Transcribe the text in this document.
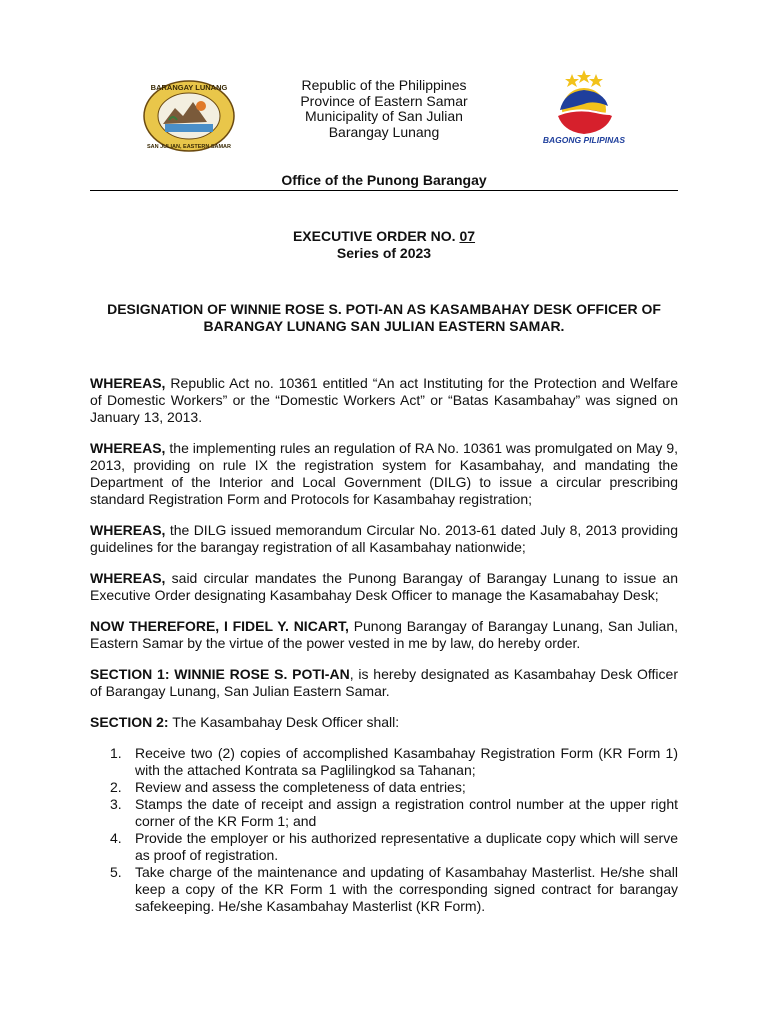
BARANGAY LUNANG
SAN JULIAN, EASTERN SAMAR
Republic of the Philippines
Province of Eastern Samar
Municipality of San Julian
Barangay Lunang
BAGONG PILIPINAS
Office of the Punong Barangay
EXECUTIVE ORDER NO. 07
Series of 2023
DESIGNATION OF WINNIE ROSE S. POTI-AN AS KASAMBAHAY DESK OFFICER OF BARANGAY LUNANG SAN JULIAN EASTERN SAMAR.

WHEREAS, Republic Act no. 10361 entitled “An act Instituting for the Protection and Welfare of Domestic Workers” or the “Domestic Workers Act” or “Batas Kasambahay” was signed on January 13, 2013.

WHEREAS, the implementing rules an regulation of RA No. 10361 was promulgated on May 9, 2013, providing on rule IX the registration system for Kasambahay, and mandating the Department of the Interior and Local Government (DILG) to issue a circular prescribing standard Registration Form and Protocols for Kasambahay registration;

WHEREAS, the DILG issued memorandum Circular No. 2013-61 dated July 8, 2013 providing guidelines for the barangay registration of all Kasambahay nationwide;

WHEREAS, said circular mandates the Punong Barangay of Barangay Lunang to issue an Executive Order designating Kasambahay Desk Officer to manage the Kasamabahay Desk;

NOW THEREFORE, I FIDEL Y. NICART, Punong Barangay of Barangay Lunang, San Julian, Eastern Samar by the virtue of the power vested in me by law, do hereby order.

SECTION 1: WINNIE ROSE S. POTI-AN, is hereby designated as Kasambahay Desk Officer of Barangay Lunang, San Julian Eastern Samar.

SECTION 2: The Kasambahay Desk Officer shall:

1. Receive two (2) copies of accomplished Kasambahay Registration Form (KR Form 1) with the attached Kontrata sa Paglilingkod sa Tahanan;
2. Review and assess the completeness of data entries;
3. Stamps the date of receipt and assign a registration control number at the upper right corner of the KR Form 1; and
4. Provide the employer or his authorized representative a duplicate copy which will serve as proof of registration.
5. Take charge of the maintenance and updating of Kasambahay Masterlist. He/she shall keep a copy of the KR Form 1 with the corresponding signed contract for barangay safekeeping. He/she Kasambahay Masterlist (KR Form).
